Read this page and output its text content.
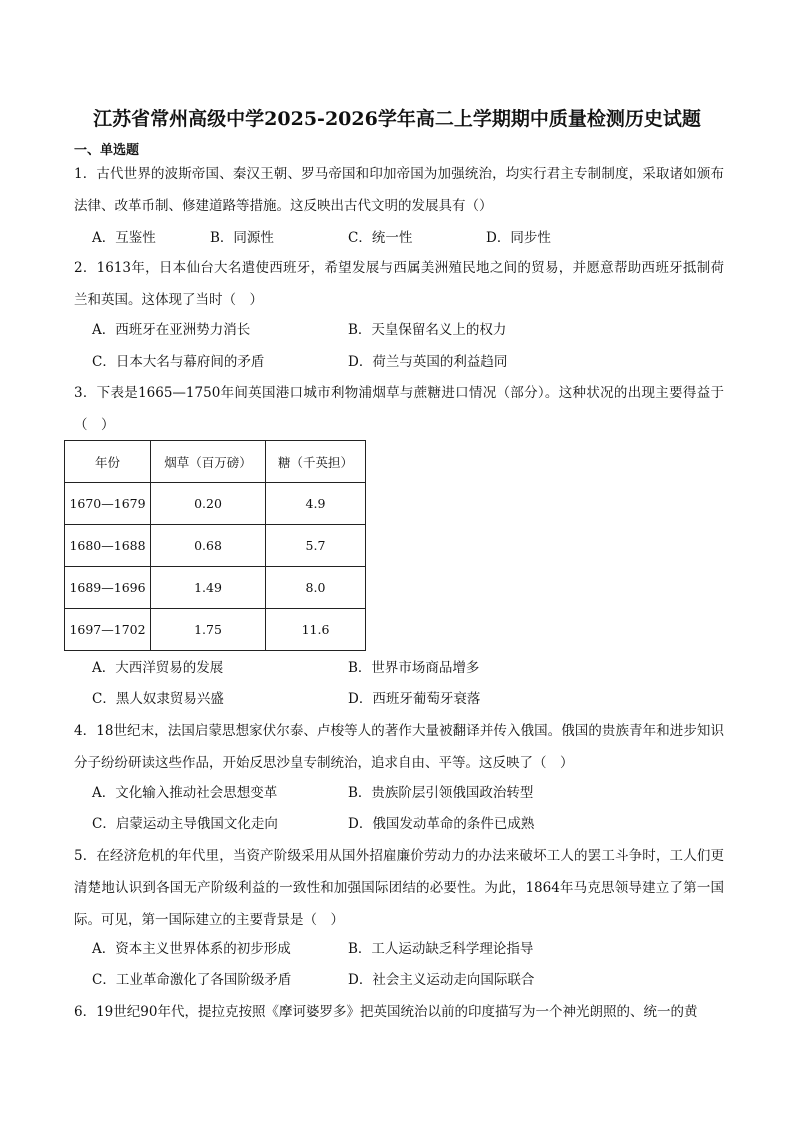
江苏省常州高级中学2025-2026学年高二上学期期中质量检测历史试题
一、单选题
1．古代世界的波斯帝国、秦汉王朝、罗马帝国和印加帝国为加强统治，均实行君主专制制度，采取诸如颁布法律、改革币制、修建道路等措施。这反映出古代文明的发展具有（）
A．互鉴性	B．同源性	C．统一性	D．同步性
2．1613年，日本仙台大名遣使西班牙，希望发展与西属美洲殖民地之间的贸易，并愿意帮助西班牙抵制荷兰和英国。这体现了当时（　）
A．西班牙在亚洲势力消长	B．天皇保留名义上的权力
C．日本大名与幕府间的矛盾	D．荷兰与英国的利益趋同
3．下表是1665—1750年间英国港口城市利物浦烟草与蔗糖进口情况（部分）。这种状况的出现主要得益于（　）
年份	烟草（百万磅）	糖（千英担）
1670—1679	0.20	4.9
1680—1688	0.68	5.7
1689—1696	1.49	8.0
1697—1702	1.75	11.6
A．大西洋贸易的发展	B．世界市场商品增多
C．黑人奴隶贸易兴盛	D．西班牙葡萄牙衰落
4．18世纪末，法国启蒙思想家伏尔泰、卢梭等人的著作大量被翻译并传入俄国。俄国的贵族青年和进步知识分子纷纷研读这些作品，开始反思沙皇专制统治，追求自由、平等。这反映了（　）
A．文化输入推动社会思想变革	B．贵族阶层引领俄国政治转型
C．启蒙运动主导俄国文化走向	D．俄国发动革命的条件已成熟
5．在经济危机的年代里，当资产阶级采用从国外招雇廉价劳动力的办法来破坏工人的罢工斗争时，工人们更清楚地认识到各国无产阶级利益的一致性和加强国际团结的必要性。为此，1864年马克思领导建立了第一国际。可见，第一国际建立的主要背景是（　）
A．资本主义世界体系的初步形成	B．工人运动缺乏科学理论指导
C．工业革命激化了各国阶级矛盾	D．社会主义运动走向国际联合
6．19世纪90年代，提拉克按照《摩诃婆罗多》把英国统治以前的印度描写为一个神光朗照的、统一的黄
